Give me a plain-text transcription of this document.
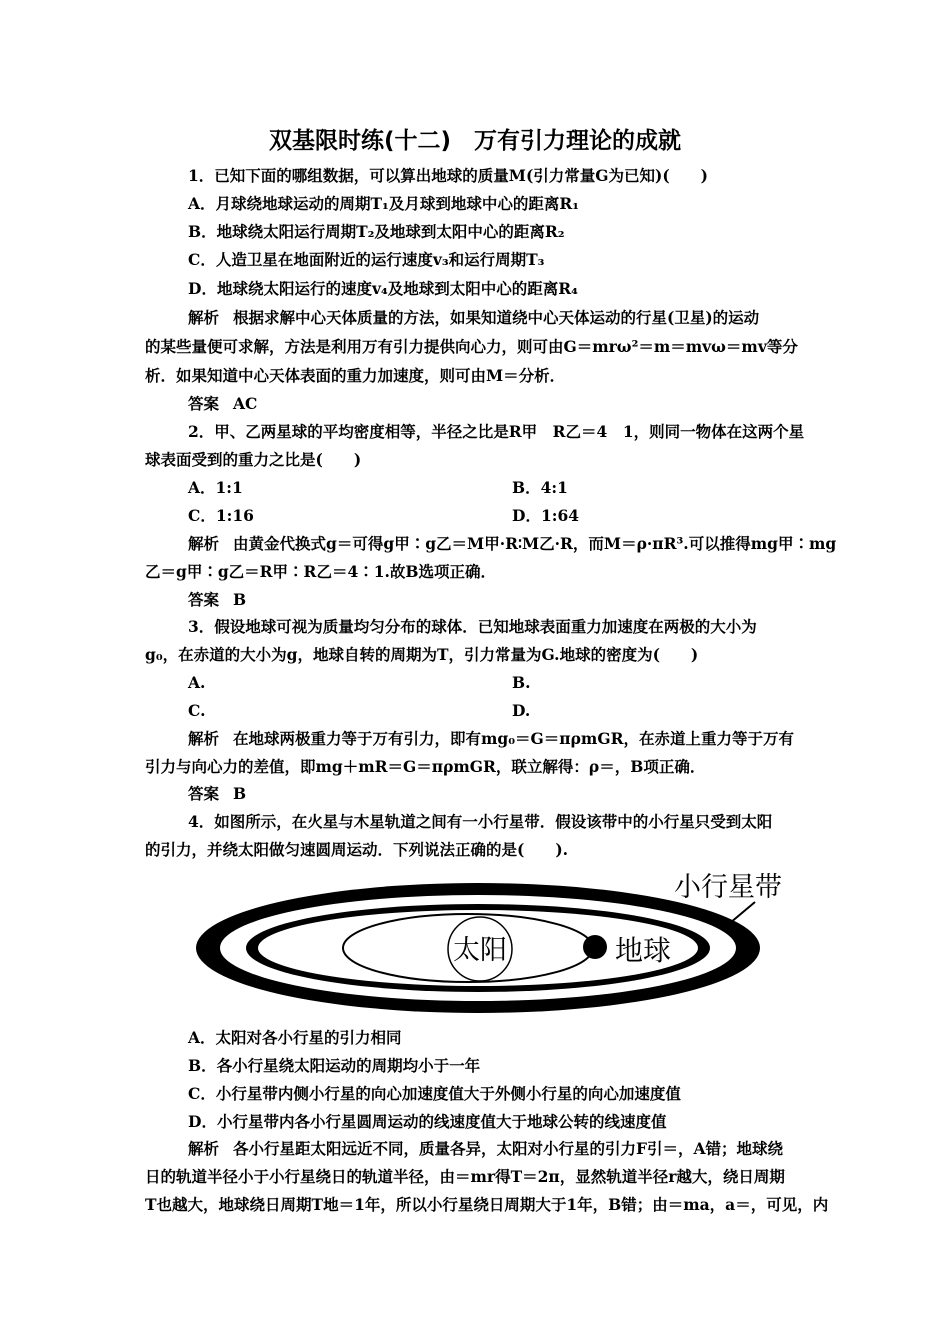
双基限时练(十二)　万有引力理论的成就
1．已知下面的哪组数据，可以算出地球的质量M(引力常量G为已知)(　　)
A．月球绕地球运动的周期T₁及月球到地球中心的距离R₁
B．地球绕太阳运行周期T₂及地球到太阳中心的距离R₂
C．人造卫星在地面附近的运行速度v₃和运行周期T₃
D．地球绕太阳运行的速度v₄及地球到太阳中心的距离R₄
解析 根据求解中心天体质量的方法，如果知道绕中心天体运动的行星(卫星)的运动
的某些量便可求解，方法是利用万有引力提供向心力，则可由G＝mrω²＝m＝mvω＝mv等分
析．如果知道中心天体表面的重力加速度，则可由M＝分析．
答案 AC
2．甲、乙两星球的平均密度相等，半径之比是R甲　R乙＝4　1，则同一物体在这两个星
球表面受到的重力之比是(　　)
A．1:1	B．4:1
C．1:16	D．1:64
解析 由黄金代换式g＝可得g甲∶g乙＝M甲·R∶M乙·R，而M＝ρ·πR³.可以推得mg甲∶mg
乙＝g甲∶g乙＝R甲∶R乙＝4∶1.故B选项正确．
答案 B
3．假设地球可视为质量均匀分布的球体．已知地球表面重力加速度在两极的大小为
g₀，在赤道的大小为g，地球自转的周期为T，引力常量为G.地球的密度为(　　)
A.	B.
C.	D.
解析 在地球两极重力等于万有引力，即有mg₀＝G＝πρmGR，在赤道上重力等于万有
引力与向心力的差值，即mg＋mR＝G＝πρmGR，联立解得：ρ＝，B项正确．
答案 B
4．如图所示，在火星与木星轨道之间有一小行星带．假设该带中的小行星只受到太阳
的引力，并绕太阳做匀速圆周运动．下列说法正确的是(　　).
太阳	地球
小行星带
A．太阳对各小行星的引力相同
B．各小行星绕太阳运动的周期均小于一年
C．小行星带内侧小行星的向心加速度值大于外侧小行星的向心加速度值
D．小行星带内各小行星圆周运动的线速度值大于地球公转的线速度值
解析 各小行星距太阳远近不同，质量各异，太阳对小行星的引力F引＝，A错；地球绕
日的轨道半径小于小行星绕日的轨道半径，由＝mr得T＝2π，显然轨道半径r越大，绕日周期
T也越大，地球绕日周期T地＝1年，所以小行星绕日周期大于1年，B错；由＝ma，a＝，可见，内
